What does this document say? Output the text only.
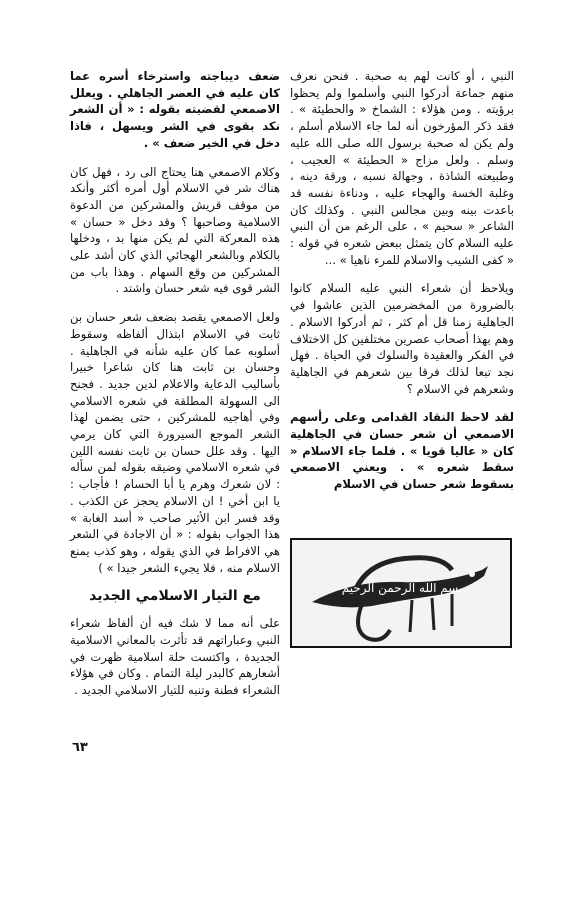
النبي ، أو كانت لهم به صحبة . فنحن نعرف منهم جماعة أدركوا النبي وأسلموا ولم يحظوا برؤيته . ومن هؤلاء : الشماخ « والحطيئة » . فقد ذكر المؤرخون أنه لما جاء الاسلام أسلم ، ولم يكن له صحبة برسول الله صلى الله عليه وسلم . ولعل مزاج « الحطيئة » العجيب ، وطبيعته الشاذة ، وجهالة نسبه ، ورقة دينه ، وغلبة الخسة والهجاء عليه ، ودناءة نفسه قد باعدت بينه وبين مجالس النبي . وكذلك كان الشاعر « سحيم » ، على الرغم من أن النبي عليه السلام كان يتمثل ببعض شعره في قوله : « كفى الشيب والاسلام للمرء ناهيا » ...

ويلاحظ أن شعراء النبي عليه السلام كانوا بالضرورة من المخضرمين الذين عاشوا في الجاهلية زمنا قل أم كثر ، ثم أدركوا الاسلام . وهم بهذا أصحاب عصرين مختلفين كل الاختلاف في الفكر والعقيدة والسلوك في الحياة . فهل نجد تبعا لذلك فرقا بين شعرهم في الجاهلية وشعرهم في الاسلام ؟

لقد لاحظ النقاد القدامى وعلى رأسهم الاصمعي أن شعر حسان في الجاهلية كان « عاليا قويا » . فلما جاء الاسلام « سقط شعره » . ويعني الاصمعي بسقوط شعر حسان في الاسلام

بسم الله الرحمن الرحيم

ضعف ديباجته واسترخاء أسره عما كان عليه في العصر الجاهلي . ويعلل الاصمعي لقضيته بقوله : « أن الشعر نكد بقوى في الشر ويسهل ، فاذا دخل في الخير ضعف » .

وكلام الاصمعي هنا يحتاج الى رد ، فهل كان هناك شر في الاسلام أول أمره أكثر وأنكد من موقف قريش والمشركين من الدعوة الاسلامية وصاحبها ؟ وقد دخل « حسان » هذه المعركة التي لم يكن منها بد ، ودخلها بالكلام وبالشعر الهجائي الذي كان أشد على المشركين من وقع السهام . وهذا باب من الشر قوى فيه شعر حسان واشتد .

ولعل الاصمعي يقصد بضعف شعر حسان بن ثابت في الاسلام ابتذال ألفاظه وسقوط أسلوبه عما كان عليه شأنه في الجاهلية . وحسان بن ثابت هنا كان شاعرا خبيرا بأساليب الدعاية والاعلام لدين جديد . فجنح الى السهولة المطلقة في شعره الاسلامي وفي أهاجيه للمشركين ، حتى يضمن لهذا الشعر الموجع السيرورة التي كان يرمي اليها . وقد علل حسان بن ثابت نفسه اللين في شعره الاسلامي وضيقه بقوله لمن سأله : لان شعرك وهرم يا أبا الحسام ! فأجاب : يا ابن أخي ! ان الاسلام يحجز عن الكذب . وقد فسر ابن الأثير صاحب « أسد الغابة » هذا الجواب بقوله : « أن الاجادة في الشعر هي الافراط في الذي يقوله ، وهو كذب يمنع الاسلام منه ، فلا يجيء الشعر جيدا » )

مع التيار الاسلامي الجديد

على أنه مما لا شك فيه أن ألفاظ شعراء النبي وعباراتهم قد تأثرت بالمعاني الاسلامية الجديدة ، واكتست حلة اسلامية ظهرت في أشعارهم كالبدر ليلة التمام . وكان في هؤلاء الشعراء فطنة وتنبه للتيار الاسلامي الجديد .

٦٣
